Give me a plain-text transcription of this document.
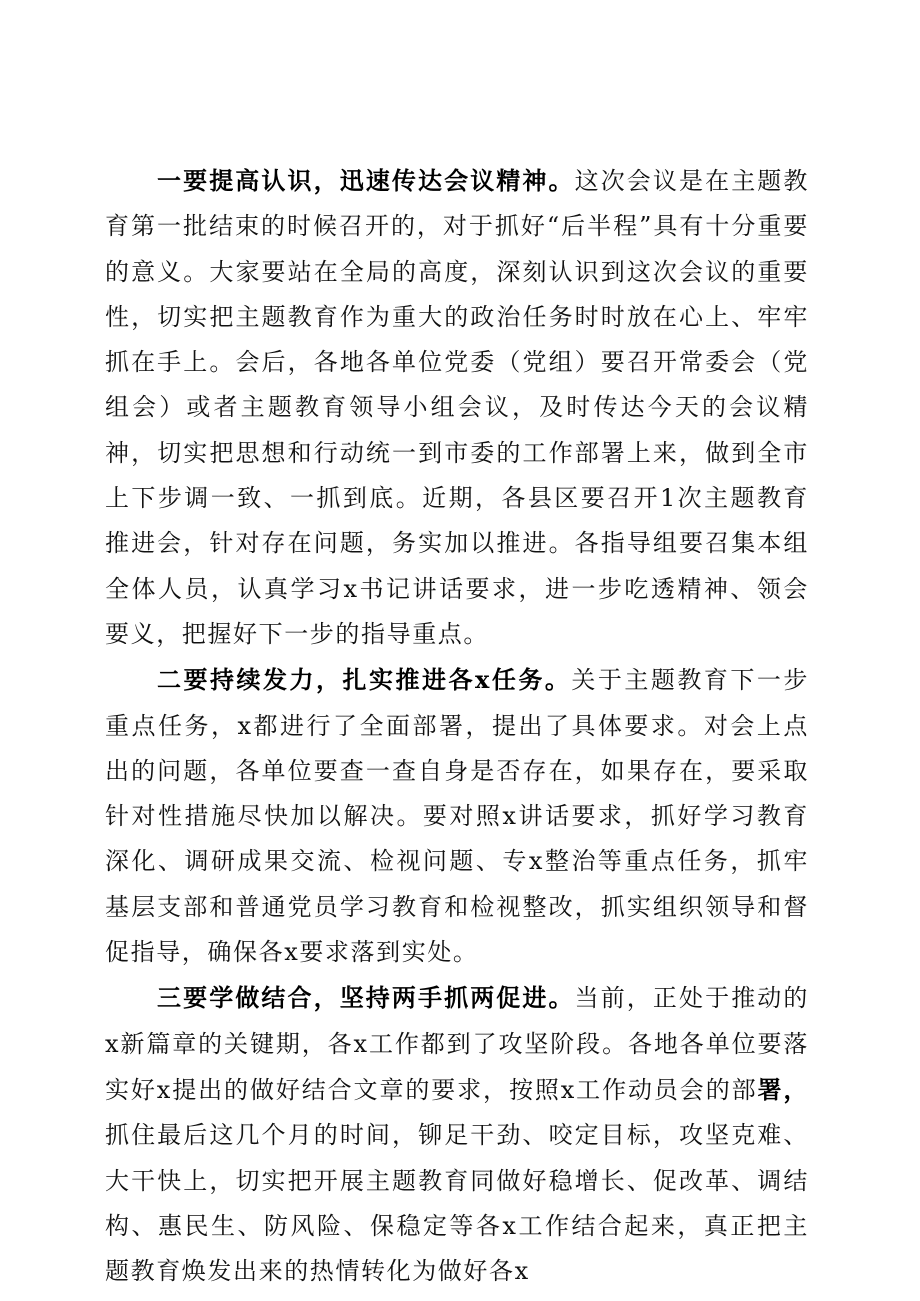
一要提高认识，迅速传达会议精神。这次会议是在主题教育第一批结束的时候召开的，对于抓好“后半程”具有十分重要的意义。大家要站在全局的高度，深刻认识到这次会议的重要性，切实把主题教育作为重大的政治任务时时放在心上、牢牢抓在手上。会后，各地各单位党委（党组）要召开常委会（党组会）或者主题教育领导小组会议，及时传达今天的会议精神，切实把思想和行动统一到市委的工作部署上来，做到全市上下步调一致、一抓到底。近期，各县区要召开1次主题教育推进会，针对存在问题，务实加以推进。各指导组要召集本组全体人员，认真学习x书记讲话要求，进一步吃透精神、领会要义，把握好下一步的指导重点。

二要持续发力，扎实推进各x任务。关于主题教育下一步重点任务，x都进行了全面部署，提出了具体要求。对会上点出的问题，各单位要查一查自身是否存在，如果存在，要采取针对性措施尽快加以解决。要对照x讲话要求，抓好学习教育深化、调研成果交流、检视问题、专x整治等重点任务，抓牢基层支部和普通党员学习教育和检视整改，抓实组织领导和督促指导，确保各x要求落到实处。

三要学做结合，坚持两手抓两促进。当前，正处于推动的x新篇章的关键期，各x工作都到了攻坚阶段。各地各单位要落实好x提出的做好结合文章的要求，按照x工作动员会的部署，抓住最后这几个月的时间，铆足干劲、咬定目标，攻坚克难、大干快上，切实把开展主题教育同做好稳增长、促改革、调结构、惠民生、防风险、保稳定等各x工作结合起来，真正把主题教育焕发出来的热情转化为做好各x
